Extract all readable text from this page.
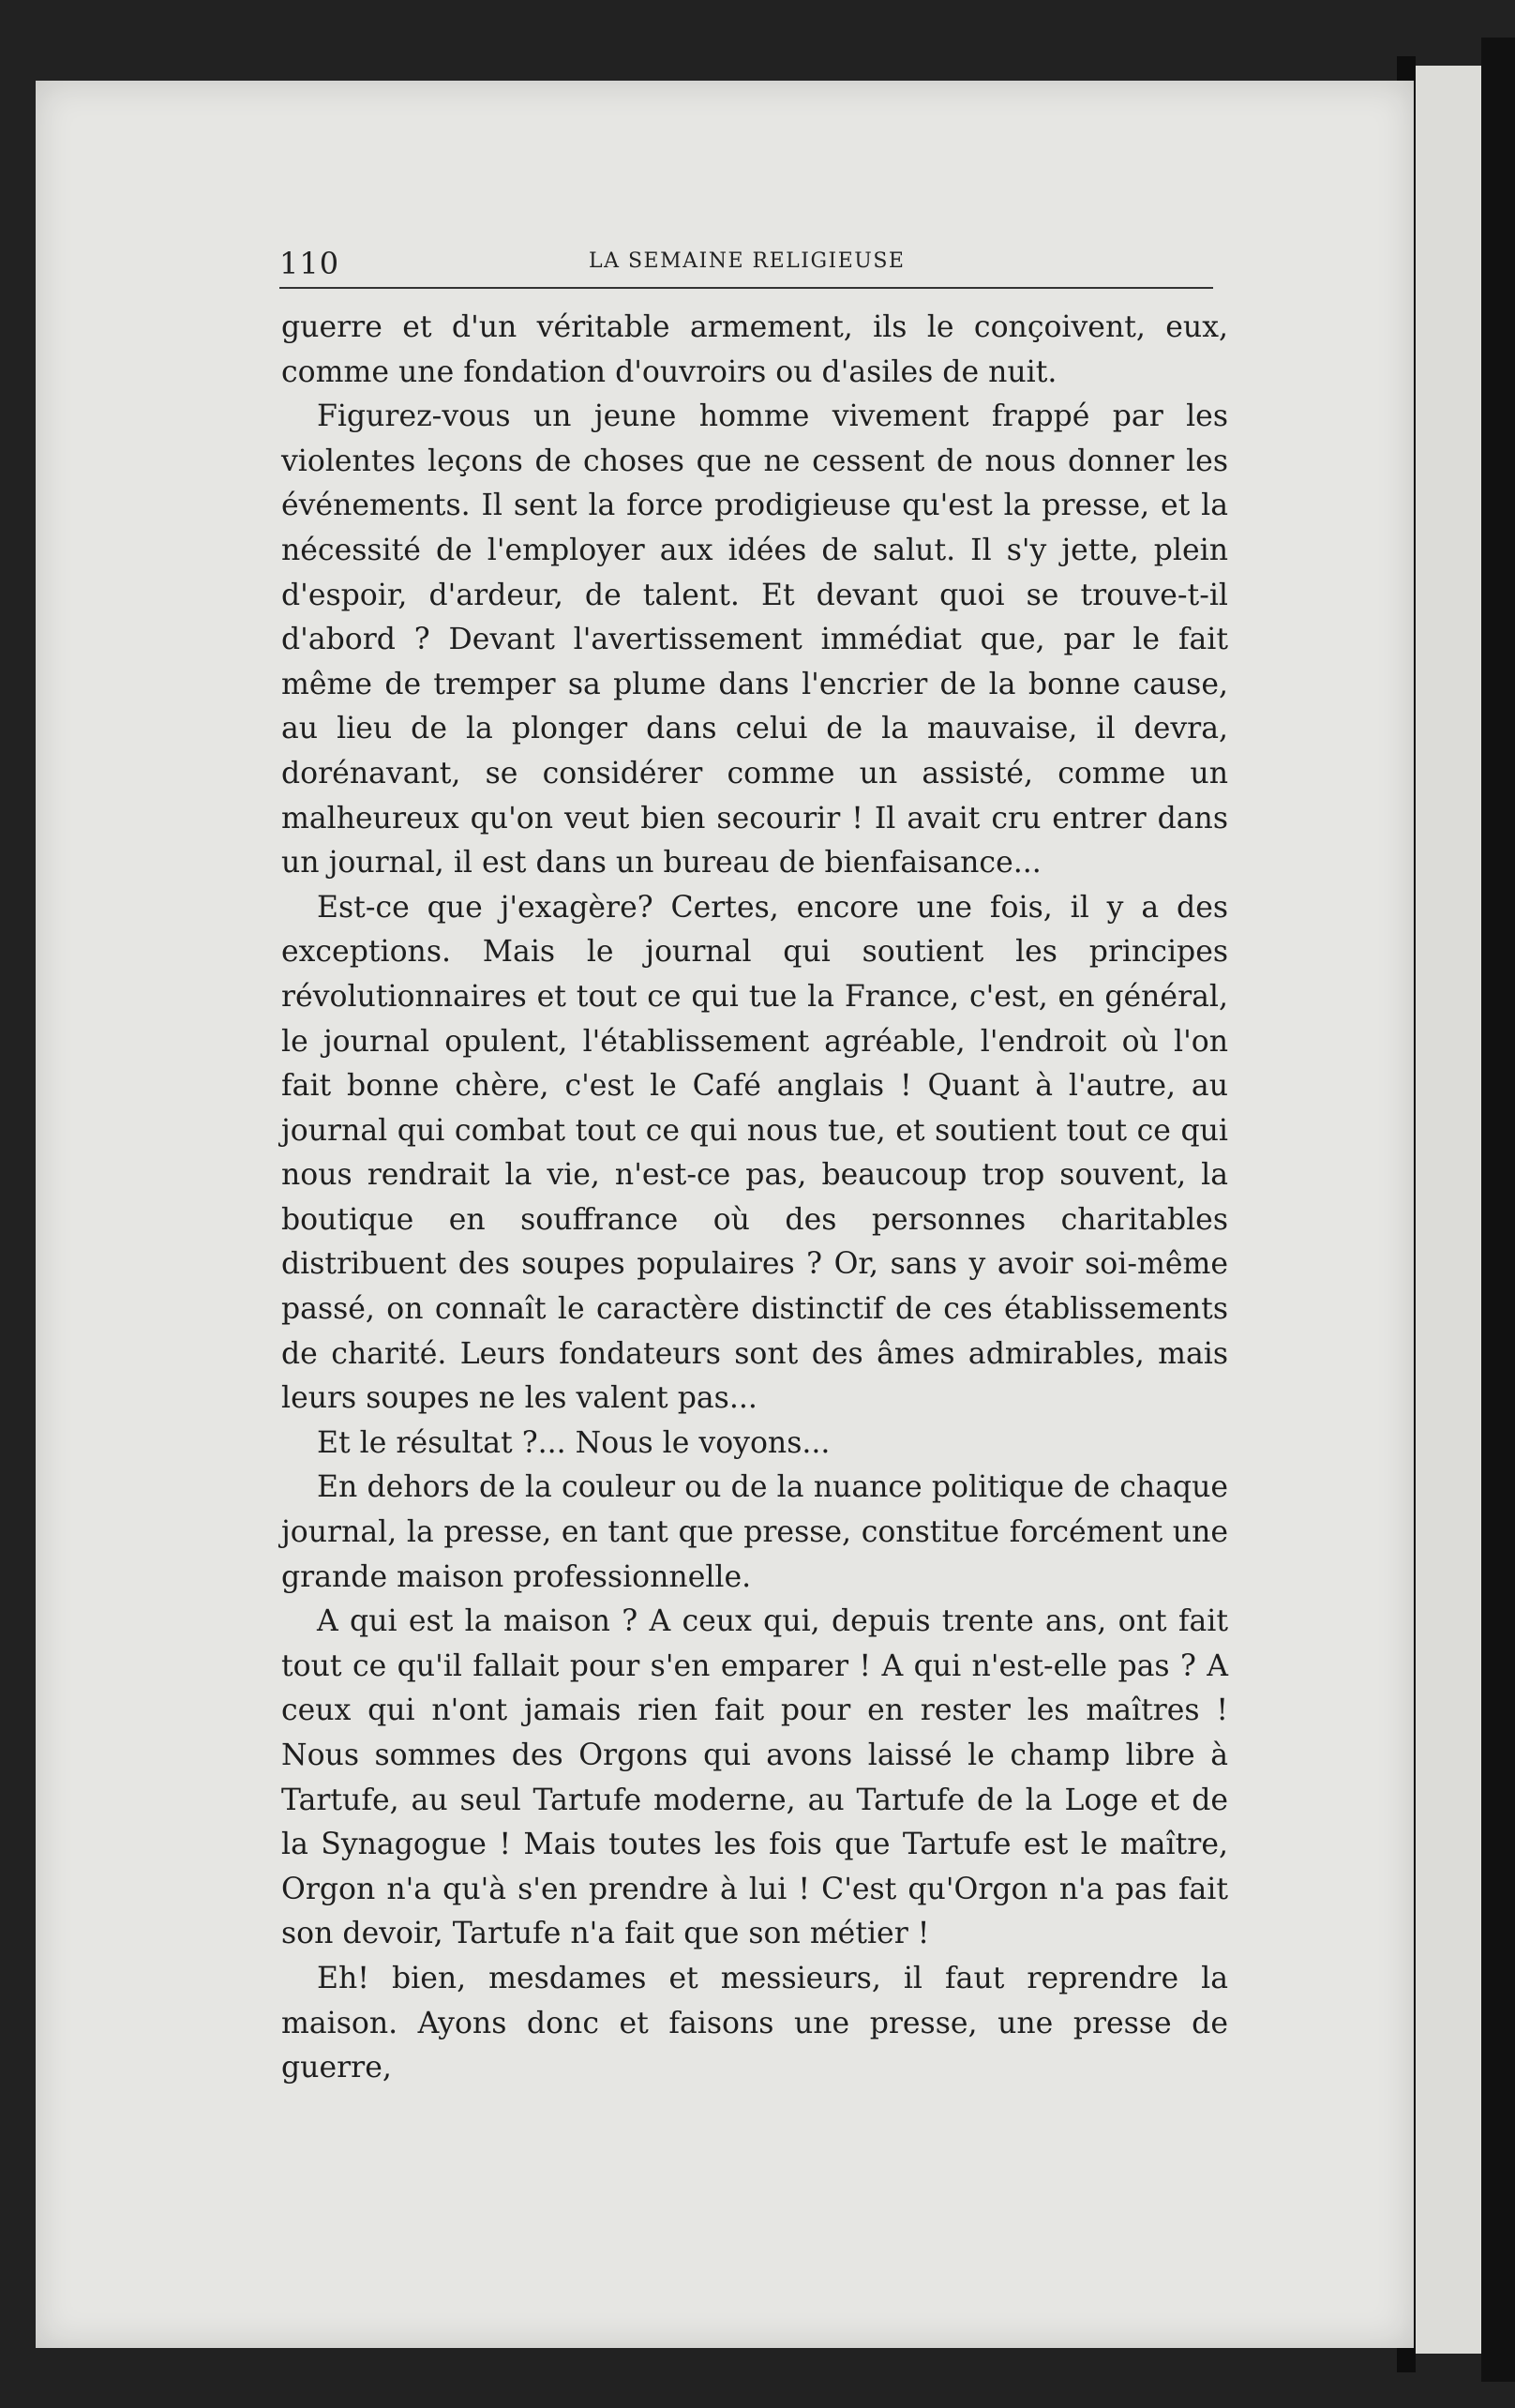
110	LA SEMAINE RELIGIEUSE

guerre et d'un véritable armement, ils le conçoivent, eux, comme une fondation d'ouvroirs ou d'asiles de nuit.

Figurez-vous un jeune homme vivement frappé par les violentes leçons de choses que ne cessent de nous donner les événements. Il sent la force prodigieuse qu'est la presse, et la nécessité de l'employer aux idées de salut. Il s'y jette, plein d'espoir, d'ardeur, de talent. Et devant quoi se trouve-t-il d'abord ? Devant l'avertissement immédiat que, par le fait même de tremper sa plume dans l'encrier de la bonne cause, au lieu de la plonger dans celui de la mauvaise, il devra, dorénavant, se considérer comme un assisté, comme un malheureux qu'on veut bien secourir ! Il avait cru entrer dans un journal, il est dans un bureau de bienfaisance...

Est-ce que j'exagère? Certes, encore une fois, il y a des exceptions. Mais le journal qui soutient les principes révolutionnaires et tout ce qui tue la France, c'est, en général, le journal opulent, l'établissement agréable, l'endroit où l'on fait bonne chère, c'est le Café anglais ! Quant à l'autre, au journal qui combat tout ce qui nous tue, et soutient tout ce qui nous rendrait la vie, n'est-ce pas, beaucoup trop souvent, la boutique en souffrance où des personnes charitables distribuent des soupes populaires ? Or, sans y avoir soi-même passé, on connaît le caractère distinctif de ces établissements de charité. Leurs fondateurs sont des âmes admirables, mais leurs soupes ne les valent pas...

Et le résultat ?... Nous le voyons...

En dehors de la couleur ou de la nuance politique de chaque journal, la presse, en tant que presse, constitue forcément une grande maison professionnelle.

A qui est la maison ? A ceux qui, depuis trente ans, ont fait tout ce qu'il fallait pour s'en emparer ! A qui n'est-elle pas ? A ceux qui n'ont jamais rien fait pour en rester les maîtres ! Nous sommes des Orgons qui avons laissé le champ libre à Tartufe, au seul Tartufe moderne, au Tartufe de la Loge et de la Synagogue ! Mais toutes les fois que Tartufe est le maître, Orgon n'a qu'à s'en prendre à lui ! C'est qu'Orgon n'a pas fait son devoir, Tartufe n'a fait que son métier !

Eh! bien, mesdames et messieurs, il faut reprendre la maison. Ayons donc et faisons une presse, une presse de guerre,
